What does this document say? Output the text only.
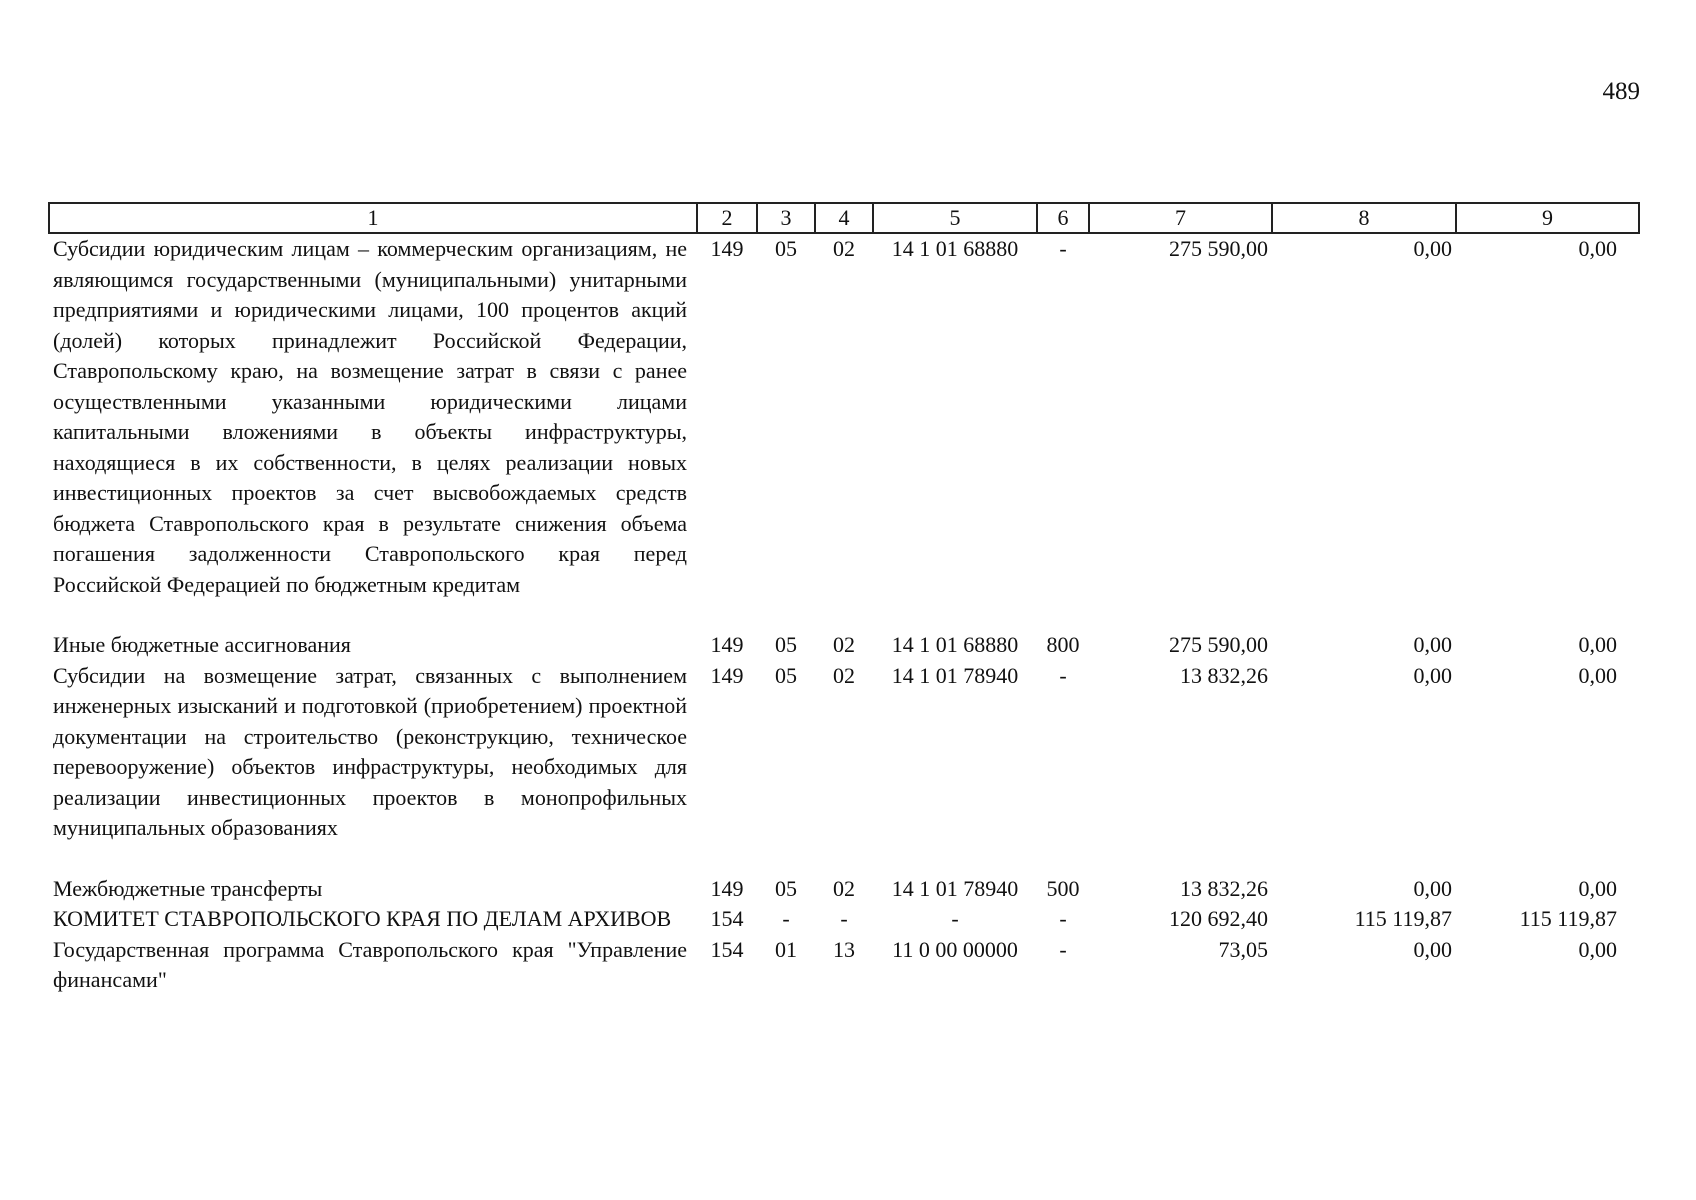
489
1	2	3	4	5	6	7	8	9
Субсидии юридическим лицам – коммерческим организациям, не являющимся государственными (муниципальными) унитарными предприятиями и юридическими лицами, 100 процентов акций (долей) которых принадлежит Российской Федерации, Ставропольскому краю, на возмещение затрат в связи с ранее осуществленными указанными юридическими лицами капитальными вложениями в объекты инфраструктуры, находящиеся в их собственности, в целях реализации новых инвестиционных проектов за счет высвобождаемых средств бюджета Ставропольского края в результате снижения объема погашения задолженности Ставропольского края перед Российской Федерацией по бюджетным кредитам	149	05	02	14 1 01 68880	-	275 590,00	0,00	0,00
Иные бюджетные ассигнования	149	05	02	14 1 01 68880	800	275 590,00	0,00	0,00
Субсидии на возмещение затрат, связанных с выполнением инженерных изысканий и подготовкой (приобретением) проектной документации на строительство (реконструкцию, техническое перевооружение) объектов инфраструктуры, необходимых для реализации инвестиционных проектов в монопрофильных муниципальных образованиях	149	05	02	14 1 01 78940	-	13 832,26	0,00	0,00
Межбюджетные трансферты	149	05	02	14 1 01 78940	500	13 832,26	0,00	0,00
КОМИТЕТ СТАВРОПОЛЬСКОГО КРАЯ ПО ДЕЛАМ АРХИВОВ	154	-	-	-	-	120 692,40	115 119,87	115 119,87
Государственная программа Ставропольского края "Управление финансами"	154	01	13	11 0 00 00000	-	73,05	0,00	0,00
